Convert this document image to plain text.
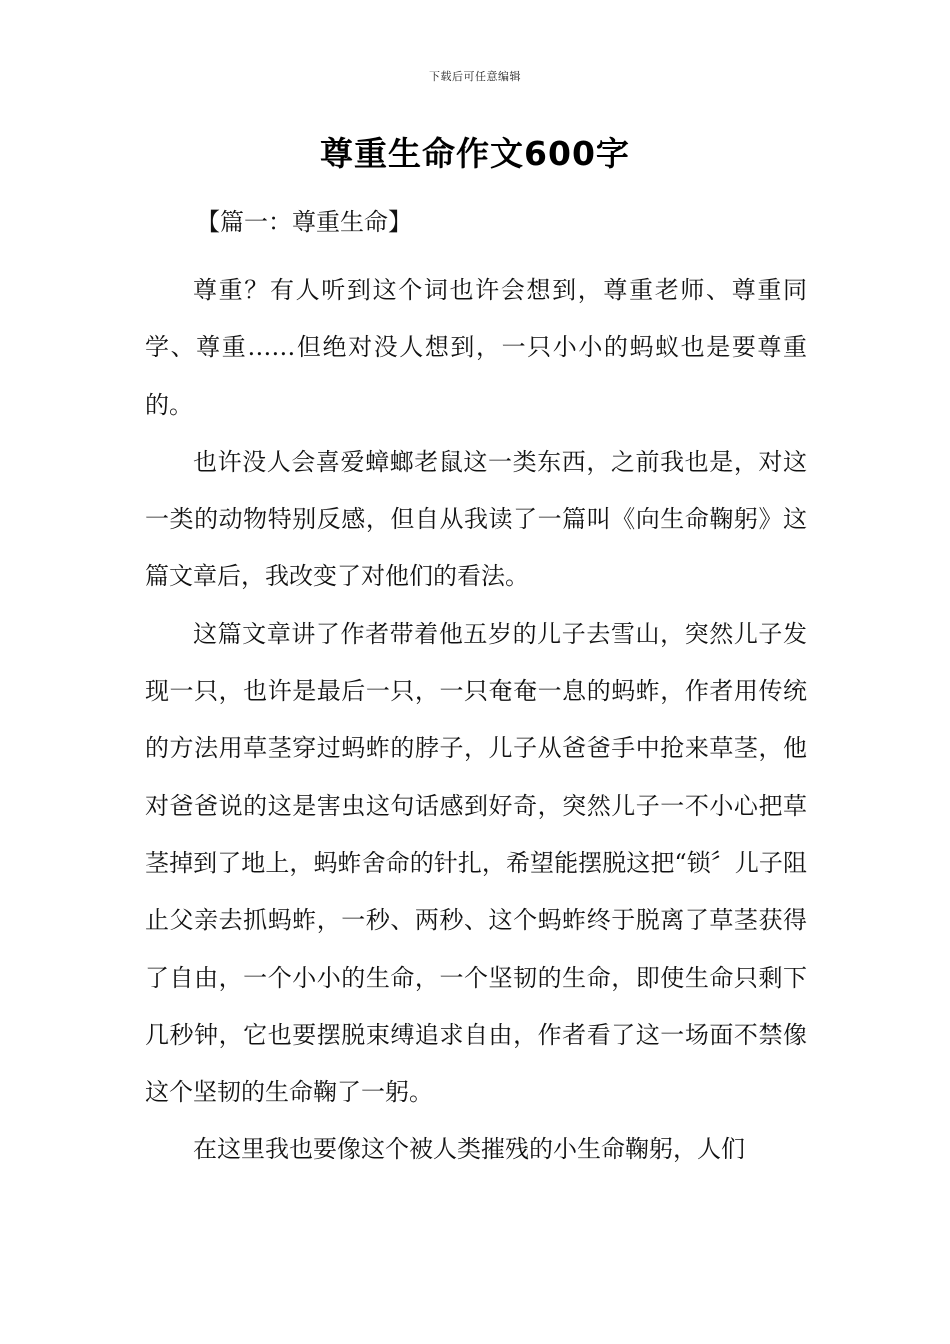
下载后可任意编辑
尊重生命作文600字
【篇一：尊重生命】

尊重？有人听到这个词也许会想到，尊重老师、尊重同学、尊重……但绝对没人想到，一只小小的蚂蚁也是要尊重的。

也许没人会喜爱蟑螂老鼠这一类东西，之前我也是，对这一类的动物特别反感，但自从我读了一篇叫《向生命鞠躬》这篇文章后，我改变了对他们的看法。

这篇文章讲了作者带着他五岁的儿子去雪山，突然儿子发现一只，也许是最后一只，一只奄奄一息的蚂蚱，作者用传统的方法用草茎穿过蚂蚱的脖子，儿子从爸爸手中抢来草茎，他对爸爸说的这是害虫这句话感到好奇，突然儿子一不小心把草茎掉到了地上，蚂蚱舍命的针扎，希望能摆脱这把“锁〞儿子阻止父亲去抓蚂蚱，一秒、两秒、这个蚂蚱终于脱离了草茎获得了自由，一个小小的生命，一个坚韧的生命，即使生命只剩下几秒钟，它也要摆脱束缚追求自由，作者看了这一场面不禁像这个坚韧的生命鞠了一躬。

在这里我也要像这个被人类摧残的小生命鞠躬，人们
